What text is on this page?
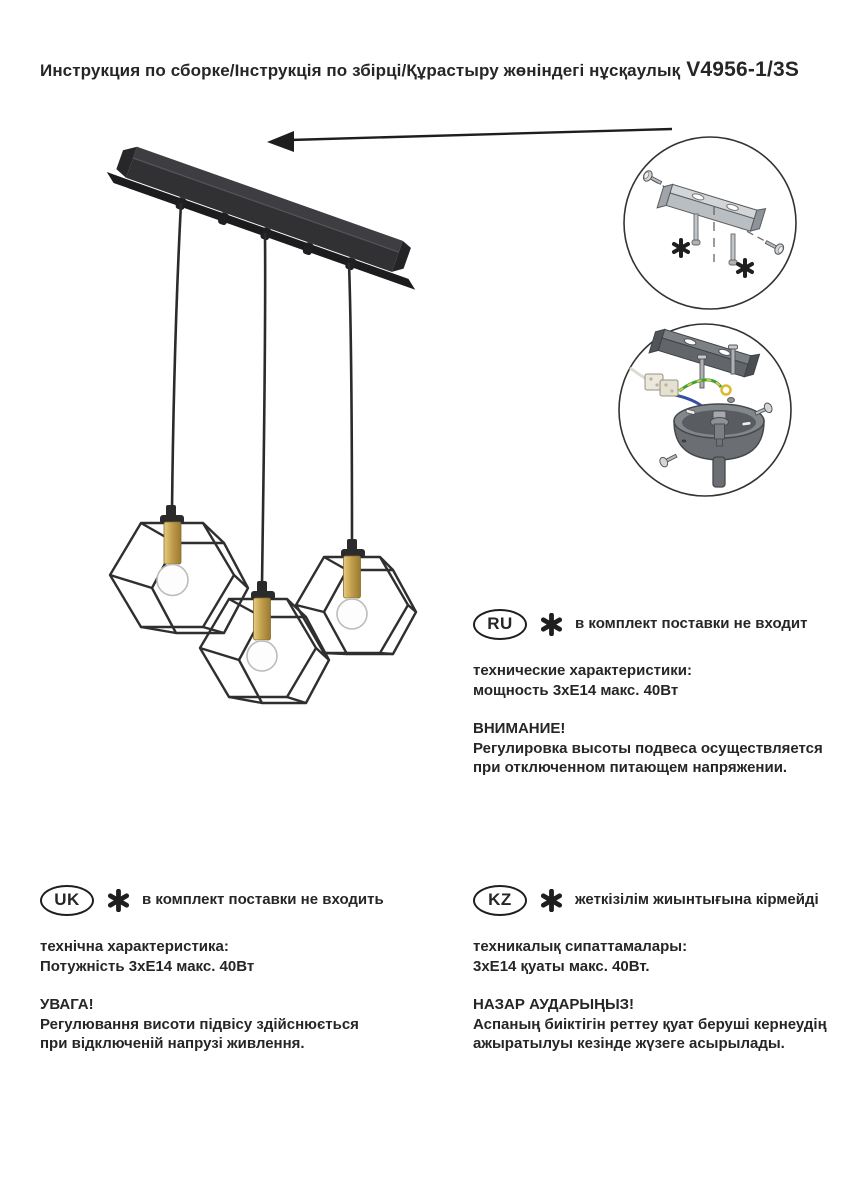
Инструкция по сборке/Інструкція по збірці/Құрастыру жөніндегі нұсқаулық V4956-1/3S
RU	в комплект поставки не входит

технические характеристики:
мощность 3хЕ14 макс. 40Вт

ВНИМАНИЕ!
Регулировка высоты подвеса осуществляется
при отключенном питающем напряжении.

UK	в комплект поставки не входить

технічна характеристика:
Потужність 3хЕ14 макс. 40Вт

УВАГА!
Регулювання висоти підвісу здійснюється
при відключеній напрузі живлення.

KZ	жеткізілім жиынтығына кірмейді

техникалық сипаттамалары:
3хЕ14 қуаты макс. 40Вт.

НАЗАР АУДАРЫҢЫЗ!
Аспаның биіктігін реттеу қуат беруші кернеудің
ажыратылуы кезінде жүзеге асырылады.
